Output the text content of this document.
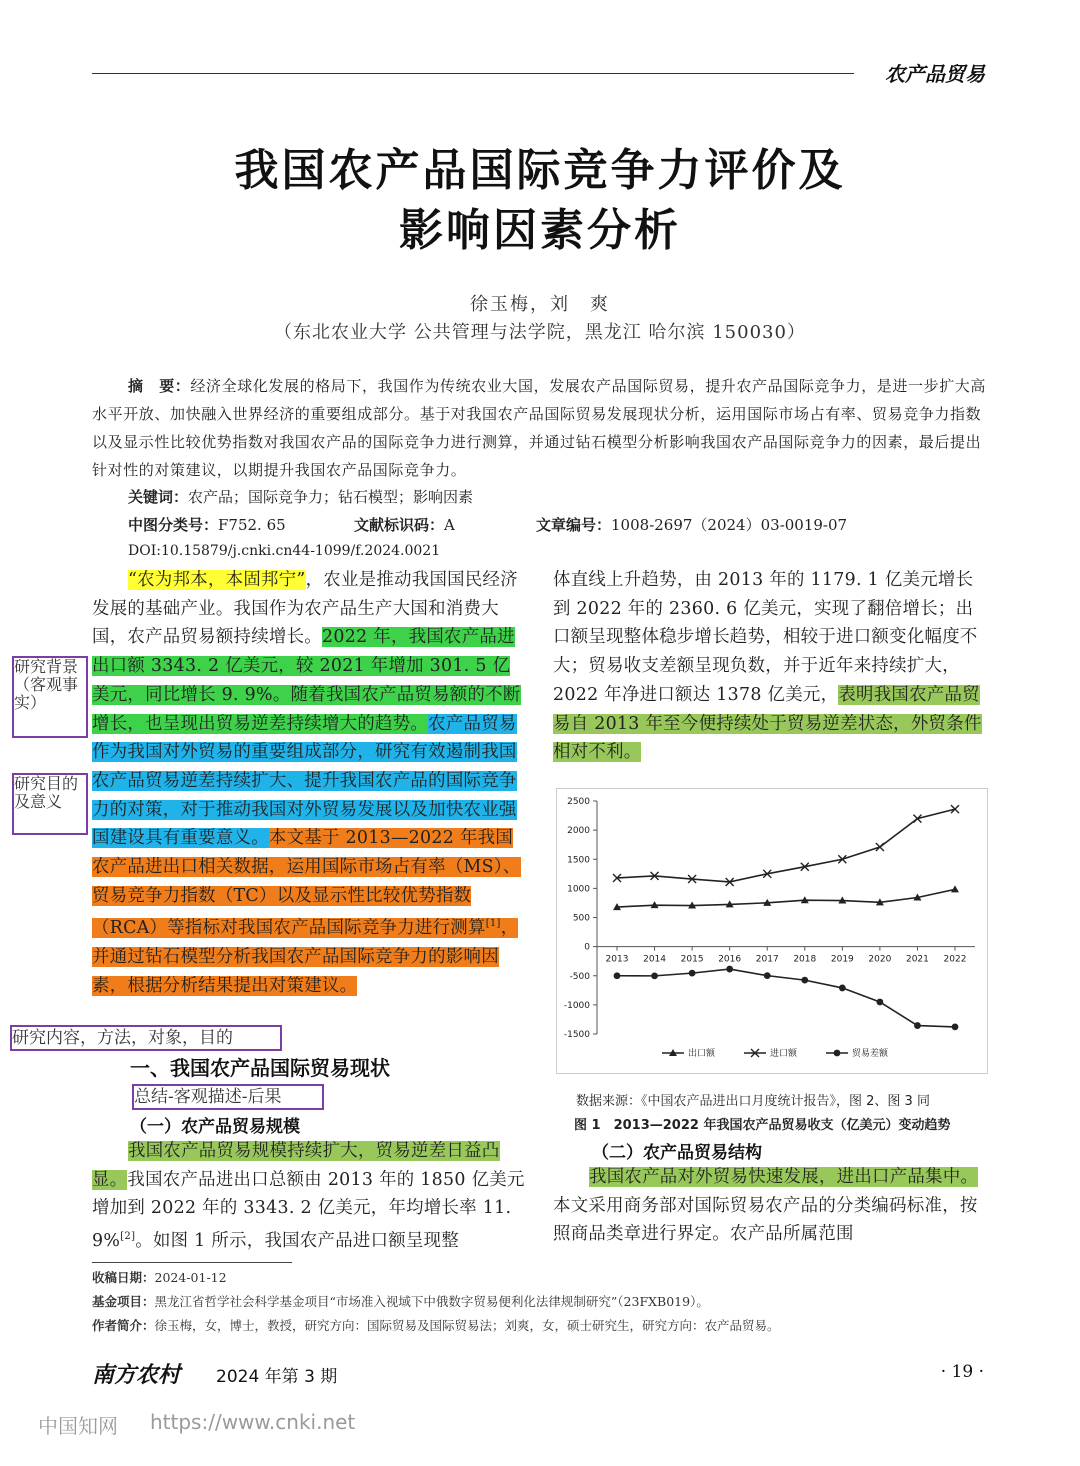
农产品贸易
我国农产品国际竞争力评价及
影响因素分析
徐玉梅，刘　爽
（东北农业大学 公共管理与法学院，黑龙江 哈尔滨 150030）
摘　要：经济全球化发展的格局下，我国作为传统农业大国，发展农产品国际贸易，提升农产品国际竞争力，是进一步扩大高水平开放、加快融入世界经济的重要组成部分。基于对我国农产品国际贸易发展现状分析，运用国际市场占有率、贸易竞争力指数以及显示性比较优势指数对我国农产品的国际竞争力进行测算，并通过钻石模型分析影响我国农产品国际竞争力的因素，最后提出针对性的对策建议，以期提升我国农产品国际竞争力。
关键词：农产品；国际竞争力；钻石模型；影响因素
中图分类号：F752. 65	文献标识码：A	文章编号：1008-2697（2024）03-0019-07
DOI:10.15879/j.cnki.cn44-1099/f.2024.0021

“农为邦本，本固邦宁”，农业是推动我国国民经济发展的基础产业。我国作为农产品生产大国和消费大国，农产品贸易额持续增长。2022 年，我国农产品进出口额 3343. 2 亿美元，较 2021 年增加 301. 5 亿美元，同比增长 9. 9%。随着我国农产品贸易额的不断增长，也呈现出贸易逆差持续增大的趋势。农产品贸易作为我国对外贸易的重要组成部分，研究有效遏制我国农产品贸易逆差持续扩大、提升我国农产品的国际竞争力的对策，对于推动我国对外贸易发展以及加快农业强国建设具有重要意义。本文基于 2013—2022 年我国农产品进出口相关数据，运用国际市场占有率（MS）、贸易竞争力指数（TC）以及显示性比较优势指数（RCA）等指标对我国农产品国际竞争力进行测算[1]，并通过钻石模型分析我国农产品国际竞争力的影响因素，根据分析结果提出对策建议。

一、我国农产品国际贸易现状
（一）农产品贸易规模

我国农产品贸易规模持续扩大，贸易逆差日益凸显。我国农产品进出口总额由 2013 年的 1850 亿美元增加到 2022 年的 3343. 2 亿美元，年均增长率 11. 9%[2]。如图 1 所示，我国农产品进口额呈现整

体直线上升趋势，由 2013 年的 1179. 1 亿美元增长到 2022 年的 2360. 6 亿美元，实现了翻倍增长；出口额呈现整体稳步增长趋势，相较于进口额变化幅度不大；贸易收支差额呈现负数，并于近年来持续扩大，2022 年净进口额达 1378 亿美元，表明我国农产品贸易自 2013 年至今便持续处于贸易逆差状态，外贸条件相对不利。

2500
2000
1500
1000
500
0
-500
-1000
-1500
2013 2014 2015 2016 2017 2018 2019 2020 2021 2022
出口额	进口额	贸易差额
数据来源：《中国农产品进出口月度统计报告》，图 2、图 3 同
图 1　2013—2022 年我国农产品贸易收支（亿美元）变动趋势
（二）农产品贸易结构

我国农产品对外贸易快速发展，进出口产品集中。本文采用商务部对国际贸易农产品的分类编码标准，按照商品类章进行界定。农产品所属范围

研究背景（客观事实）
研究目的及意义
研究内容，方法，对象，目的
总结-客观描述-后果
收稿日期：2024-01-12
基金项目：黑龙江省哲学社会科学基金项目“市场准入视域下中俄数字贸易便利化法律规制研究”（23FXB019）。
作者简介：徐玉梅，女，博士，教授，研究方向：国际贸易及国际贸易法；刘爽，女，硕士研究生，研究方向：农产品贸易。
南方农村 2024 年第 3 期	· 19 ·
中国知网 https://www.cnki.net
